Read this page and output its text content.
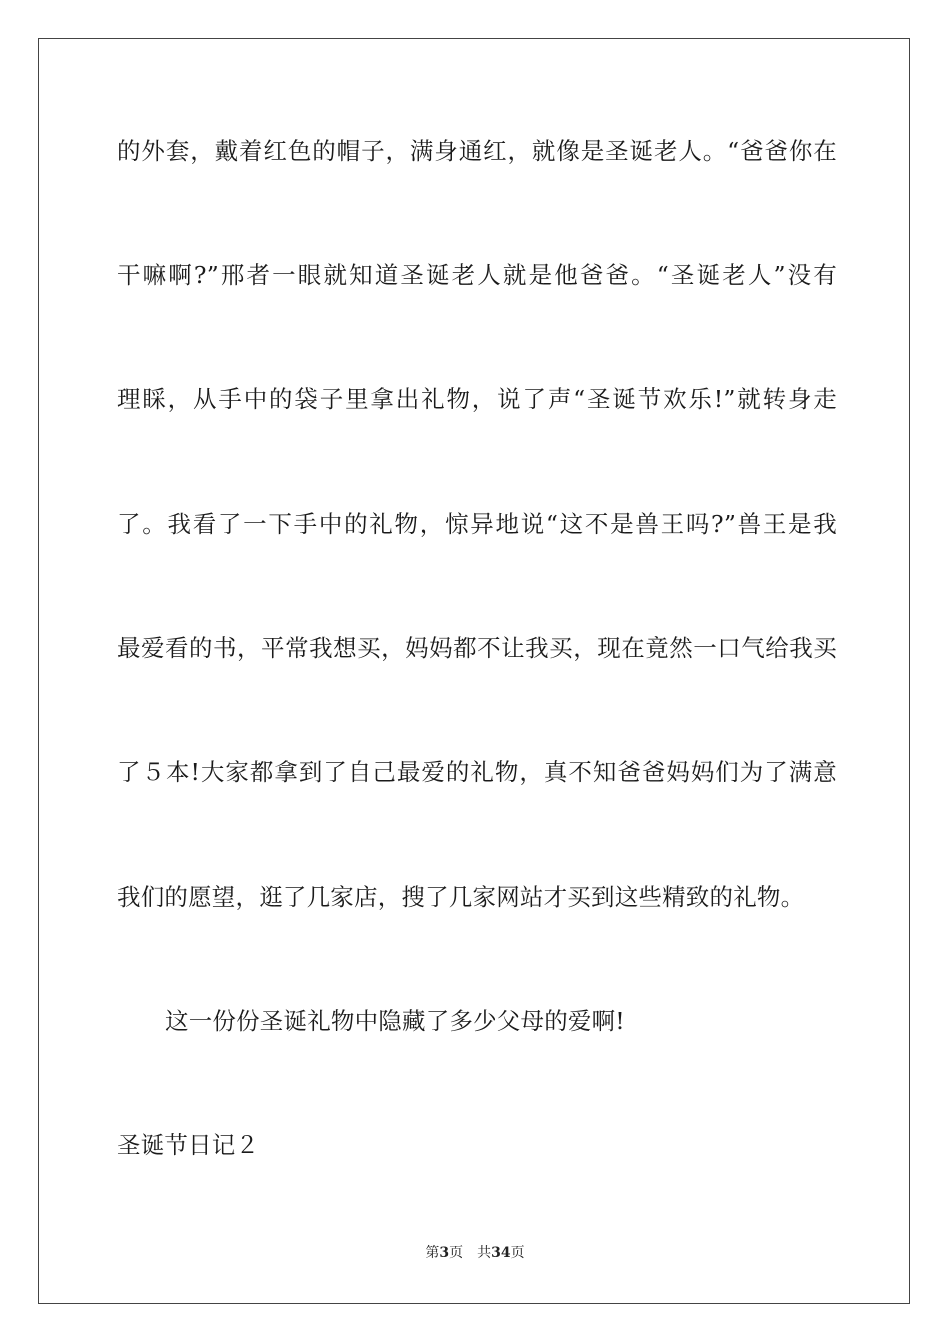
的外套，戴着红色的帽子，满身通红，就像是圣诞老人。“爸爸你在
干嘛啊?”邢者一眼就知道圣诞老人就是他爸爸。“圣诞老人”没有
理睬，从手中的袋子里拿出礼物，说了声“圣诞节欢乐!”就转身走
了。我看了一下手中的礼物，惊异地说“这不是兽王吗?”兽王是我
最爱看的书，平常我想买，妈妈都不让我买，现在竟然一口气给我买
了５本!大家都拿到了自己最爱的礼物，真不知爸爸妈妈们为了满意
我们的愿望，逛了几家店，搜了几家网站才买到这些精致的礼物。
这一份份圣诞礼物中隐藏了多少父母的爱啊!
圣诞节日记２
第3页 共34页
